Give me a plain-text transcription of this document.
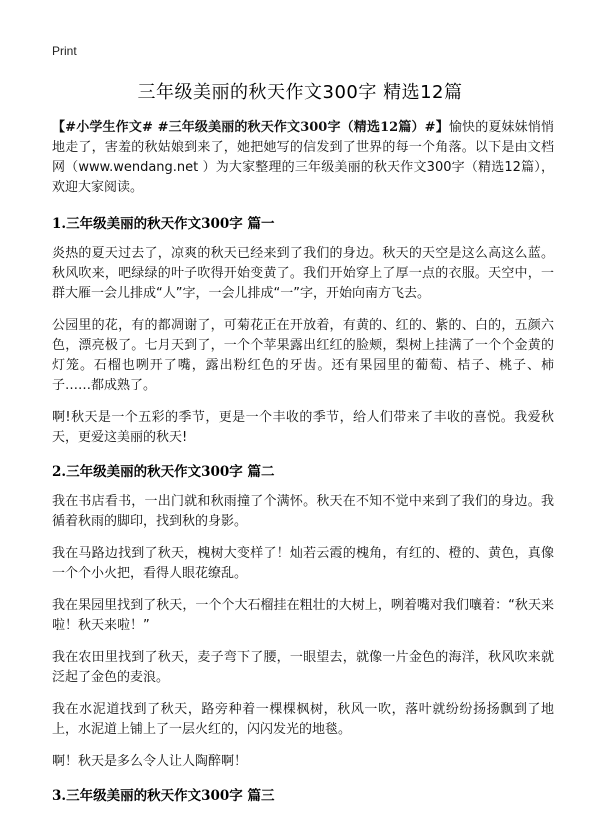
Print
三年级美丽的秋天作文300字 精选12篇

【#小学生作文# #三年级美丽的秋天作文300字（精选12篇）#】愉快的夏妹妹悄悄地走了，害羞的秋姑娘到来了，她把她写的信发到了世界的每一个角落。以下是由文档网（www.wendang.net ）为大家整理的三年级美丽的秋天作文300字（精选12篇），欢迎大家阅读。

1.三年级美丽的秋天作文300字 篇一

炎热的夏天过去了，凉爽的秋天已经来到了我们的身边。秋天的天空是这么高这么蓝。秋风吹来，吧绿绿的叶子吹得开始变黄了。我们开始穿上了厚一点的衣服。天空中，一群大雁一会儿排成“人”字，一会儿排成“一”字，开始向南方飞去。

公园里的花，有的都凋谢了，可菊花正在开放着，有黄的、红的、紫的、白的，五颜六色，漂亮极了。七月天到了，一个个苹果露出红红的脸颊，梨树上挂满了一个个金黄的灯笼。石榴也咧开了嘴，露出粉红色的牙齿。还有果园里的葡萄、桔子、桃子、柿子……都成熟了。

啊!秋天是一个五彩的季节，更是一个丰收的季节，给人们带来了丰收的喜悦。我爱秋天，更爱这美丽的秋天!

2.三年级美丽的秋天作文300字 篇二

我在书店看书，一出门就和秋雨撞了个满怀。秋天在不知不觉中来到了我们的身边。我循着秋雨的脚印，找到秋的身影。

我在马路边找到了秋天，槐树大变样了！灿若云霞的槐角，有红的、橙的、黄色，真像一个个小火把，看得人眼花缭乱。

我在果园里找到了秋天，一个个大石榴挂在粗壮的大树上，咧着嘴对我们嚷着：“秋天来啦！秋天来啦！”

我在农田里找到了秋天，麦子弯下了腰，一眼望去，就像一片金色的海洋，秋风吹来就泛起了金色的麦浪。

我在水泥道找到了秋天，路旁种着一棵棵枫树，秋风一吹，落叶就纷纷扬扬飘到了地上，水泥道上铺上了一层火红的，闪闪发光的地毯。

啊！秋天是多么令人让人陶醉啊！

3.三年级美丽的秋天作文300字 篇三
